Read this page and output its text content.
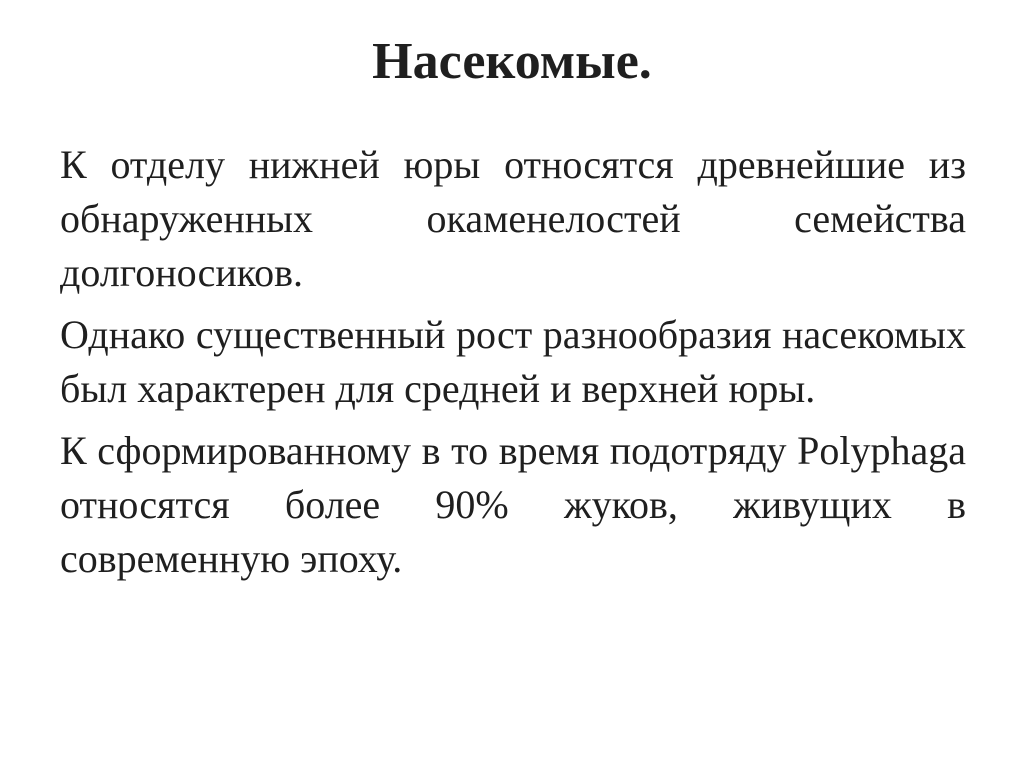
Насекомые.

К отделу нижней юры относятся древнейшие из обнаруженных окаменелостей семейства долгоносиков.

Однако существенный рост разнообразия насекомых был характерен для средней и верхней юры.

К сформированному в то время подотряду Polyphaga относятся более 90% жуков, живущих в современную эпоху.
